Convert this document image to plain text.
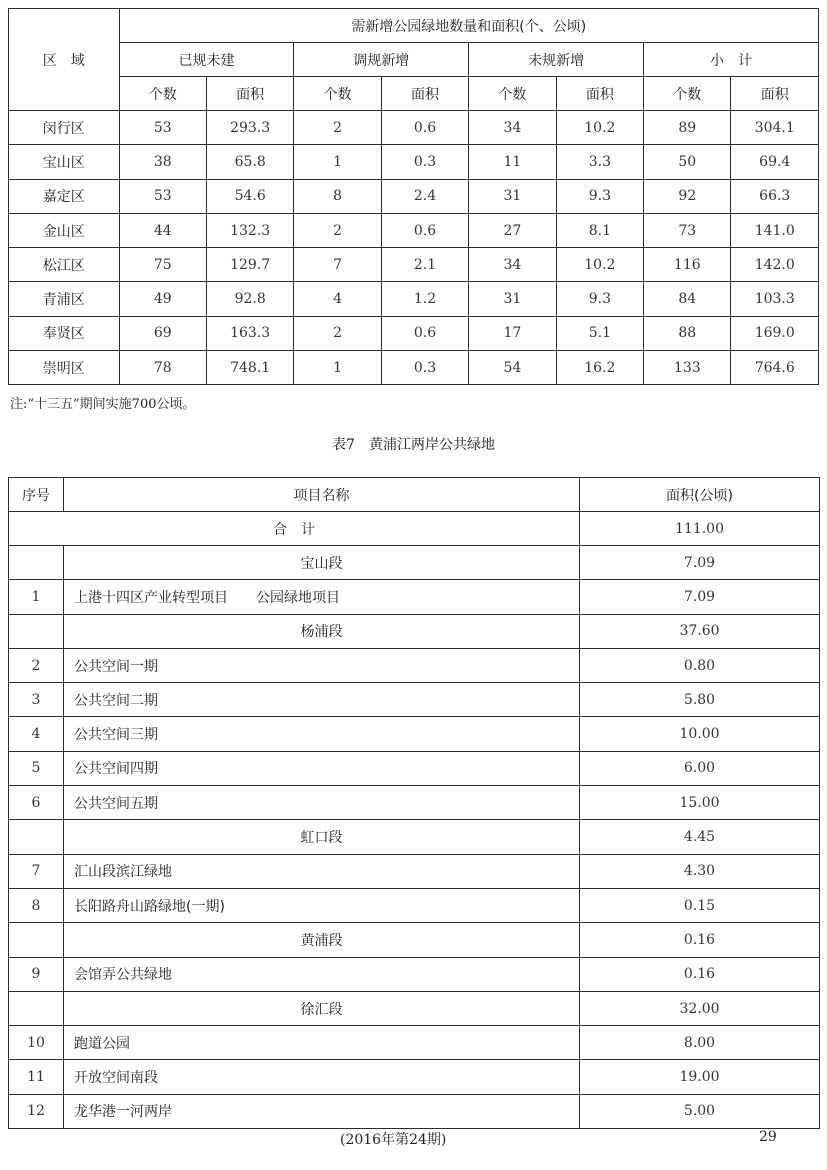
区　域	需新增公园绿地数量和面积(个、公顷)							
	已规未建		调规新增		未规新增		小　计	
	个数	面积	个数	面积	个数	面积	个数	面积
闵行区	53	293.3	2	0.6	34	10.2	89	304.1
宝山区	38	65.8	1	0.3	11	3.3	50	69.4
嘉定区	53	54.6	8	2.4	31	9.3	92	66.3
金山区	44	132.3	2	0.6	27	8.1	73	141.0
松江区	75	129.7	7	2.1	34	10.2	116	142.0
青浦区	49	92.8	4	1.2	31	9.3	84	103.3
奉贤区	69	163.3	2	0.6	17	5.1	88	169.0
崇明区	78	748.1	1	0.3	54	16.2	133	764.6
注:“十三五”期间实施700公顷。
表7　黄浦江两岸公共绿地
序号	项目名称	面积(公顷)
合　计		111.00
	宝山段	7.09
1	上港十四区产业转型项目　　公园绿地项目	7.09
	杨浦段	37.60
2	公共空间一期	0.80
3	公共空间二期	5.80
4	公共空间三期	10.00
5	公共空间四期	6.00
6	公共空间五期	15.00
	虹口段	4.45
7	汇山段滨江绿地	4.30
8	长阳路舟山路绿地(一期)	0.15
	黄浦段	0.16
9	会馆弄公共绿地	0.16
	徐汇段	32.00
10	跑道公园	8.00
11	开放空间南段	19.00
12	龙华港一河两岸	5.00
(2016年第24期)	29
